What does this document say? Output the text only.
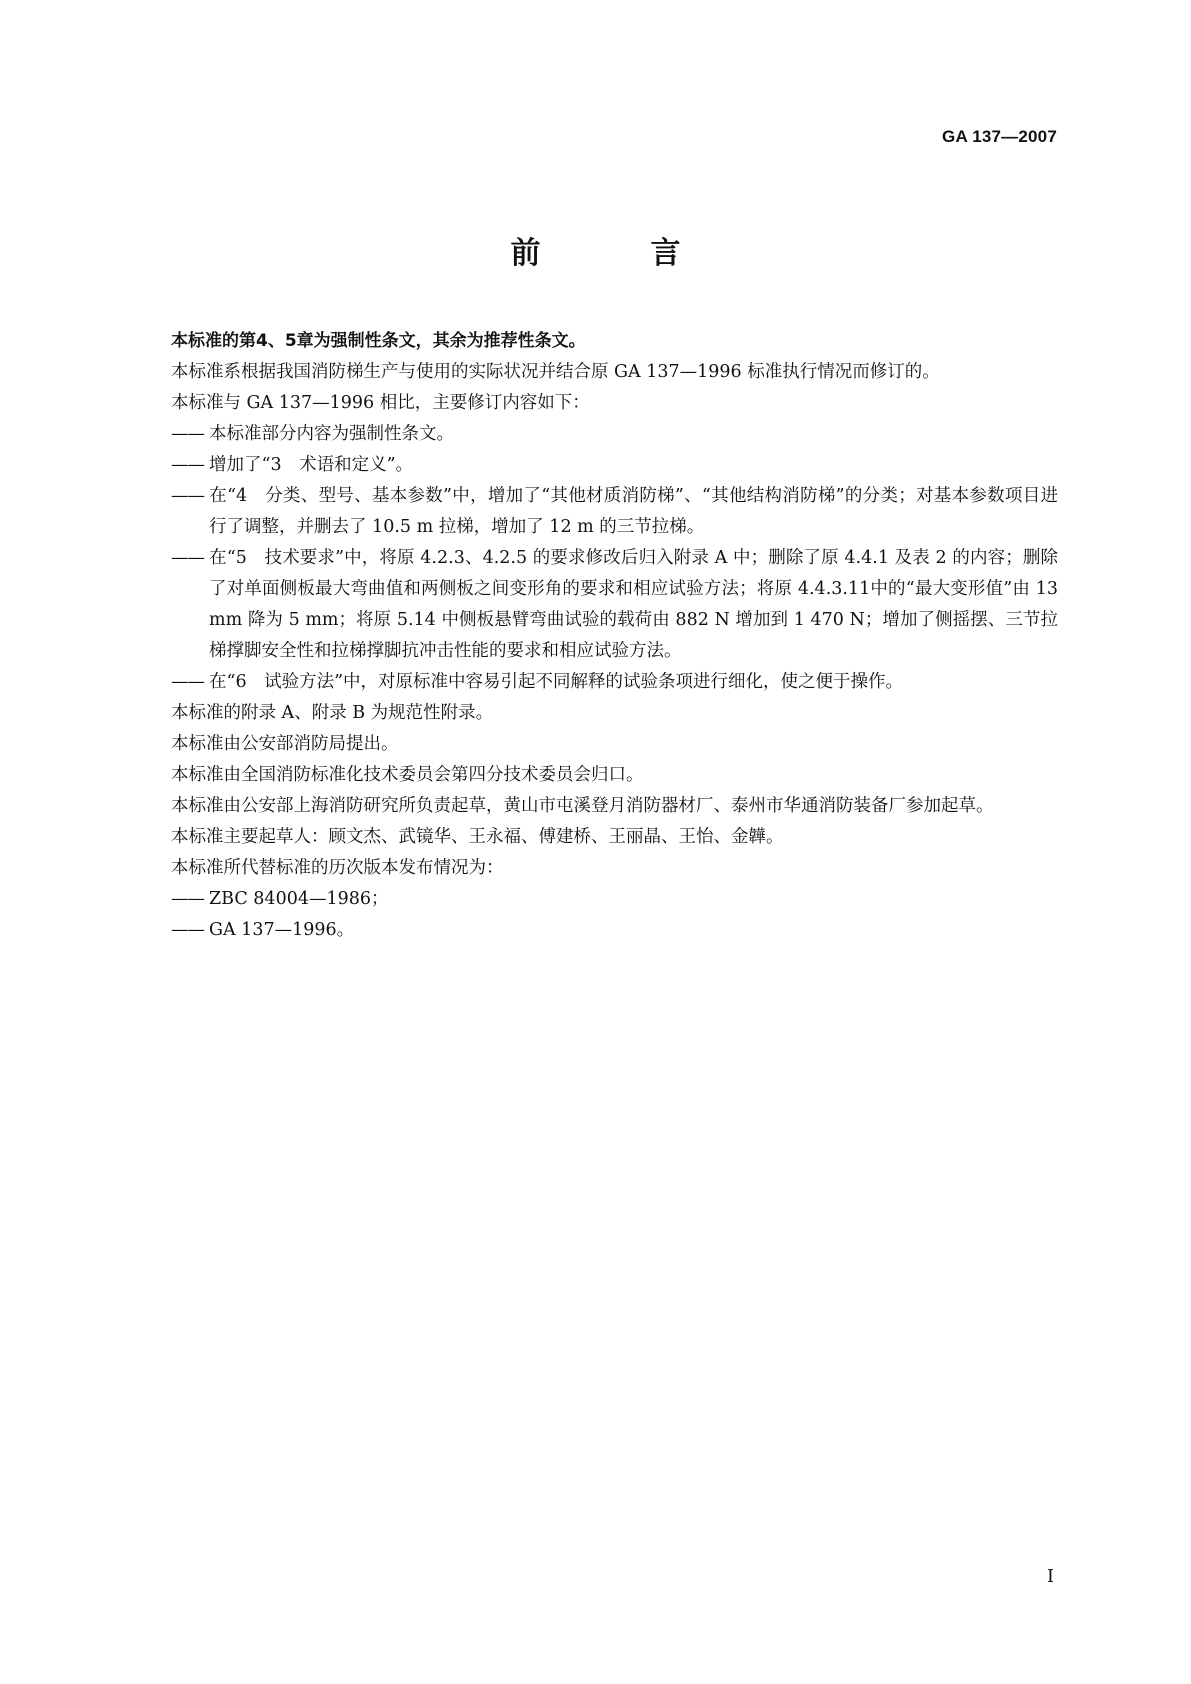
GA 137—2007
前　言

本标准的第4、5章为强制性条文，其余为推荐性条文。

本标准系根据我国消防梯生产与使用的实际状况并结合原 GA 137—1996 标准执行情况而修订的。

本标准与 GA 137—1996 相比，主要修订内容如下：

—— 本标准部分内容为强制性条文。

—— 增加了“3　术语和定义”。

—— 在“4　分类、型号、基本参数”中，增加了“其他材质消防梯”、“其他结构消防梯”的分类；对基本参数项目进行了调整，并删去了 10.5 m 拉梯，增加了 12 m 的三节拉梯。

—— 在“5　技术要求”中，将原 4.2.3、4.2.5 的要求修改后归入附录 A 中；删除了原 4.4.1 及表 2 的内容；删除了对单面侧板最大弯曲值和两侧板之间变形角的要求和相应试验方法；将原 4.4.3.11中的“最大变形值”由 13 mm 降为 5 mm；将原 5.14 中侧板悬臂弯曲试验的载荷由 882 N 增加到 1 470 N；增加了侧摇摆、三节拉梯撑脚安全性和拉梯撑脚抗冲击性能的要求和相应试验方法。

—— 在“6　试验方法”中，对原标准中容易引起不同解释的试验条项进行细化，使之便于操作。

本标准的附录 A、附录 B 为规范性附录。

本标准由公安部消防局提出。

本标准由全国消防标准化技术委员会第四分技术委员会归口。

本标准由公安部上海消防研究所负责起草，黄山市屯溪登月消防器材厂、泰州市华通消防装备厂参加起草。

本标准主要起草人：顾文杰、武镜华、王永福、傅建桥、王丽晶、王怡、金韡。

本标准所代替标准的历次版本发布情况为：

—— ZBC 84004—1986；

—— GA 137—1996。

I
